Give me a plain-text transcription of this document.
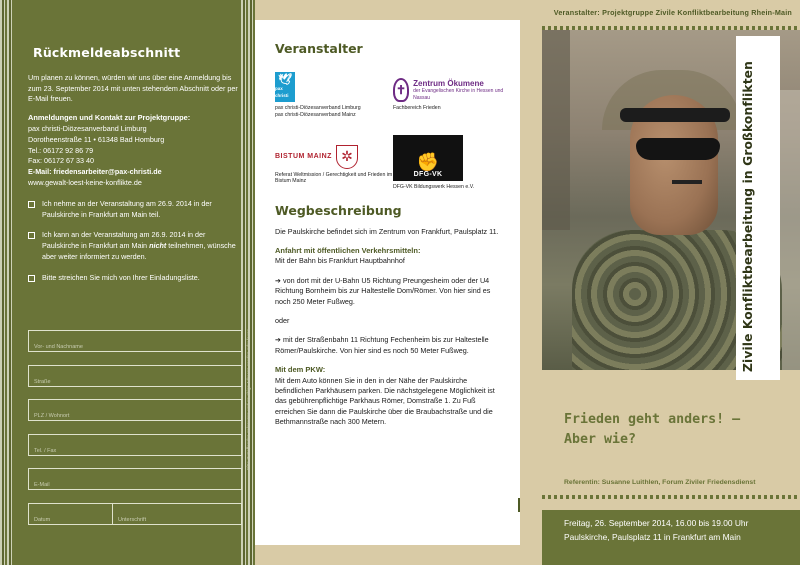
Rückmeldeabschnitt
Um planen zu können, würden wir uns über eine Anmeldung bis zum 23. September 2014 mit unten stehendem Abschnitt oder per E-Mail freuen.
Anmeldungen und Kontakt zur Projektgruppe:
pax christi-Diözesanverband Limburg
Dorotheenstraße 11 • 61348 Bad Homburg
Tel.: 06172 92 86 79
Fax: 06172 67 33 40
E-Mail: friedensarbeiter@pax-christi.de
www.gewalt-loest-keine-konflikte.de
Ich nehme an der Veranstaltung am 26.9. 2014 in der Paulskirche in Frankfurt am Main teil.
Ich kann an der Veranstaltung am 26.9. 2014 in der Paulskirche in Frankfurt am Main nicht teilnehmen, wünsche aber weiter informiert zu werden.
Bitte streichen Sie mich von Ihrer Einladungsliste.
Vor- und Nachname
Straße
PLZ / Wohnort
Tel. / Fax
E-Mail
Datum	Unterschrift
Bitte Zutreffendes ankreuzen und an obige Adresse senden oder faxen
Veranstalter
🕊
pax christi
pax christi-Diözesanverband Limburg
pax christi-Diözesanverband Mainz
✝ Zentrum Ökumene
der Evangelischen Kirche in Hessen und Nassau
Fachbereich Frieden
BISTUM MAINZ ✲
Referat Weltmission / Gerechtigkeit und Frieden im Bistum Mainz
✊
DFG-VK
DFG-VK Bildungswerk Hessen e.V.
Wegbeschreibung
Die Paulskirche befindet sich im Zentrum von Frankfurt, Paulsplatz 11.
Anfahrt mit öffentlichen Verkehrsmitteln:
Mit der Bahn bis Frankfurt Hauptbahnhof
➔ von dort mit der U-Bahn U5 Richtung Preungesheim oder der U4 Richtung Bornheim bis zur Haltestelle Dom/Römer. Von hier sind es noch 250 Meter Fußweg.
oder
➔ mit der Straßenbahn 11 Richtung Fechenheim bis zur Haltestelle Römer/Paulskirche. Von hier sind es noch 50 Meter Fußweg.
Mit dem PKW:
Mit dem Auto können Sie in den in der Nähe der Paulskirche befindlichen Parkhäusern parken. Die nächstgelegene Möglichkeit ist das gebührenpflichtige Parkhaus Römer, Domstraße 1. Zu Fuß erreichen Sie dann die Paulskirche über die Braubachstraße und die Bethmannstraße nach 300 Metern.
Veranstalter: Projektgruppe Zivile Konfliktbearbeitung Rhein-Main
Zivile Konfliktbearbeitung in Großkonflikten
Frieden geht anders! –
Aber wie?
Referentin: Susanne Luithlen, Forum Ziviler Friedensdienst
Freitag, 26. September 2014, 16.00 bis 19.00 Uhr
Paulskirche, Paulsplatz 11 in Frankfurt am Main
